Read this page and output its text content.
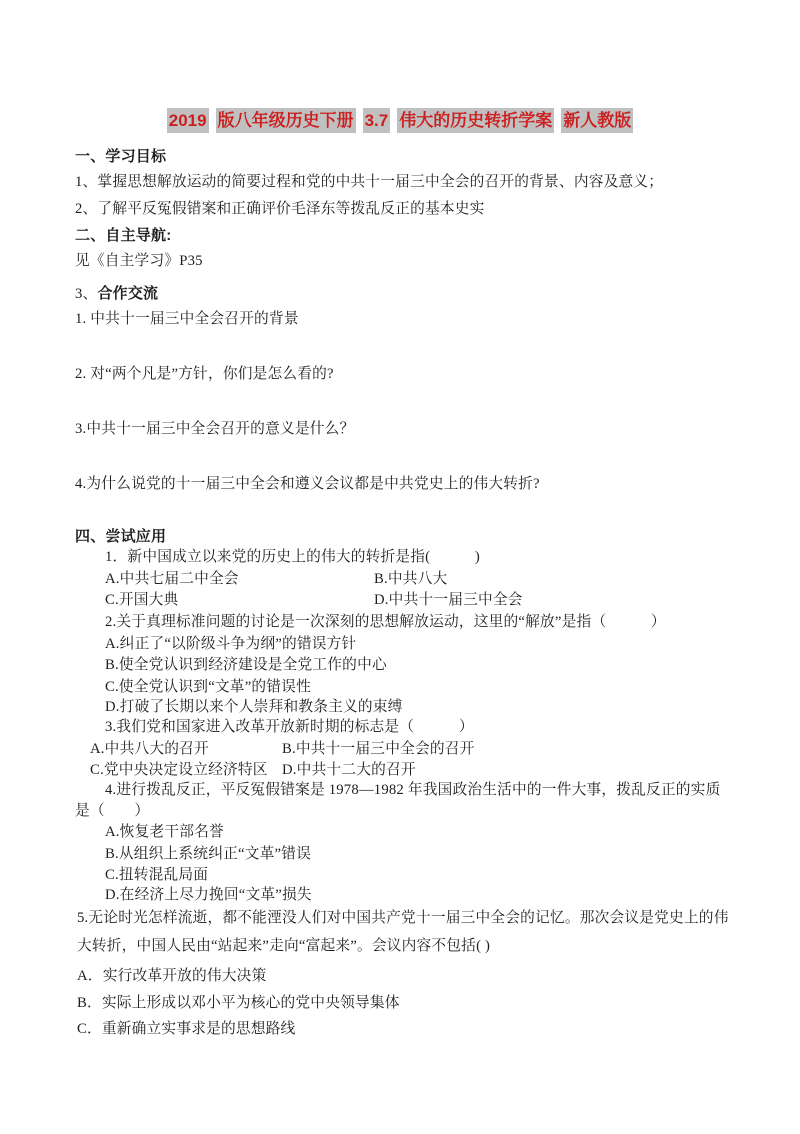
2019 版八年级历史下册 3.7 伟大的历史转折学案 新人教版
一、学习目标
1、掌握思想解放运动的简要过程和党的中共十一届三中全会的召开的背景、内容及意义；
2、了解平反冤假错案和正确评价毛泽东等拨乱反正的基本史实
二、自主导航:
见《自主学习》P35
3、合作交流
1. 中共十一届三中全会召开的背景
2. 对“两个凡是”方针，你们是怎么看的?
3.中共十一届三中全会召开的意义是什么？
4.为什么说党的十一届三中全会和遵义会议都是中共党史上的伟大转折?
四、尝试应用
1．新中国成立以来党的历史上的伟大的转折是指(　　　)
A.中共七届二中全会	B.中共八大
C.开国大典	D.中共十一届三中全会
2.关于真理标准问题的讨论是一次深刻的思想解放运动，这里的“解放”是指（　　　）
A.纠正了“以阶级斗争为纲”的错误方针
B.使全党认识到经济建设是全党工作的中心
C.使全党认识到“文革”的错误性
D.打破了长期以来个人崇拜和教条主义的束缚
3.我们党和国家进入改革开放新时期的标志是（　　　）
A.中共八大的召开	B.中共十一届三中全会的召开
C.党中央决定设立经济特区 D.中共十二大的召开
4.进行拨乱反正，平反冤假错案是 1978—1982 年我国政治生活中的一件大事，拨乱反正的实质
是（　　）
A.恢复老干部名誉
B.从组织上系统纠正“文革”错误
C.扭转混乱局面
D.在经济上尽力挽回“文革”损失
5.无论时光怎样流逝，都不能湮没人们对中国共产党十一届三中全会的记忆。那次会议是党史上的伟
大转折，中国人民由“站起来”走向“富起来”。会议内容不包括( )
A．实行改革开放的伟大决策
B．实际上形成以邓小平为核心的党中央领导集体
C．重新确立实事求是的思想路线
